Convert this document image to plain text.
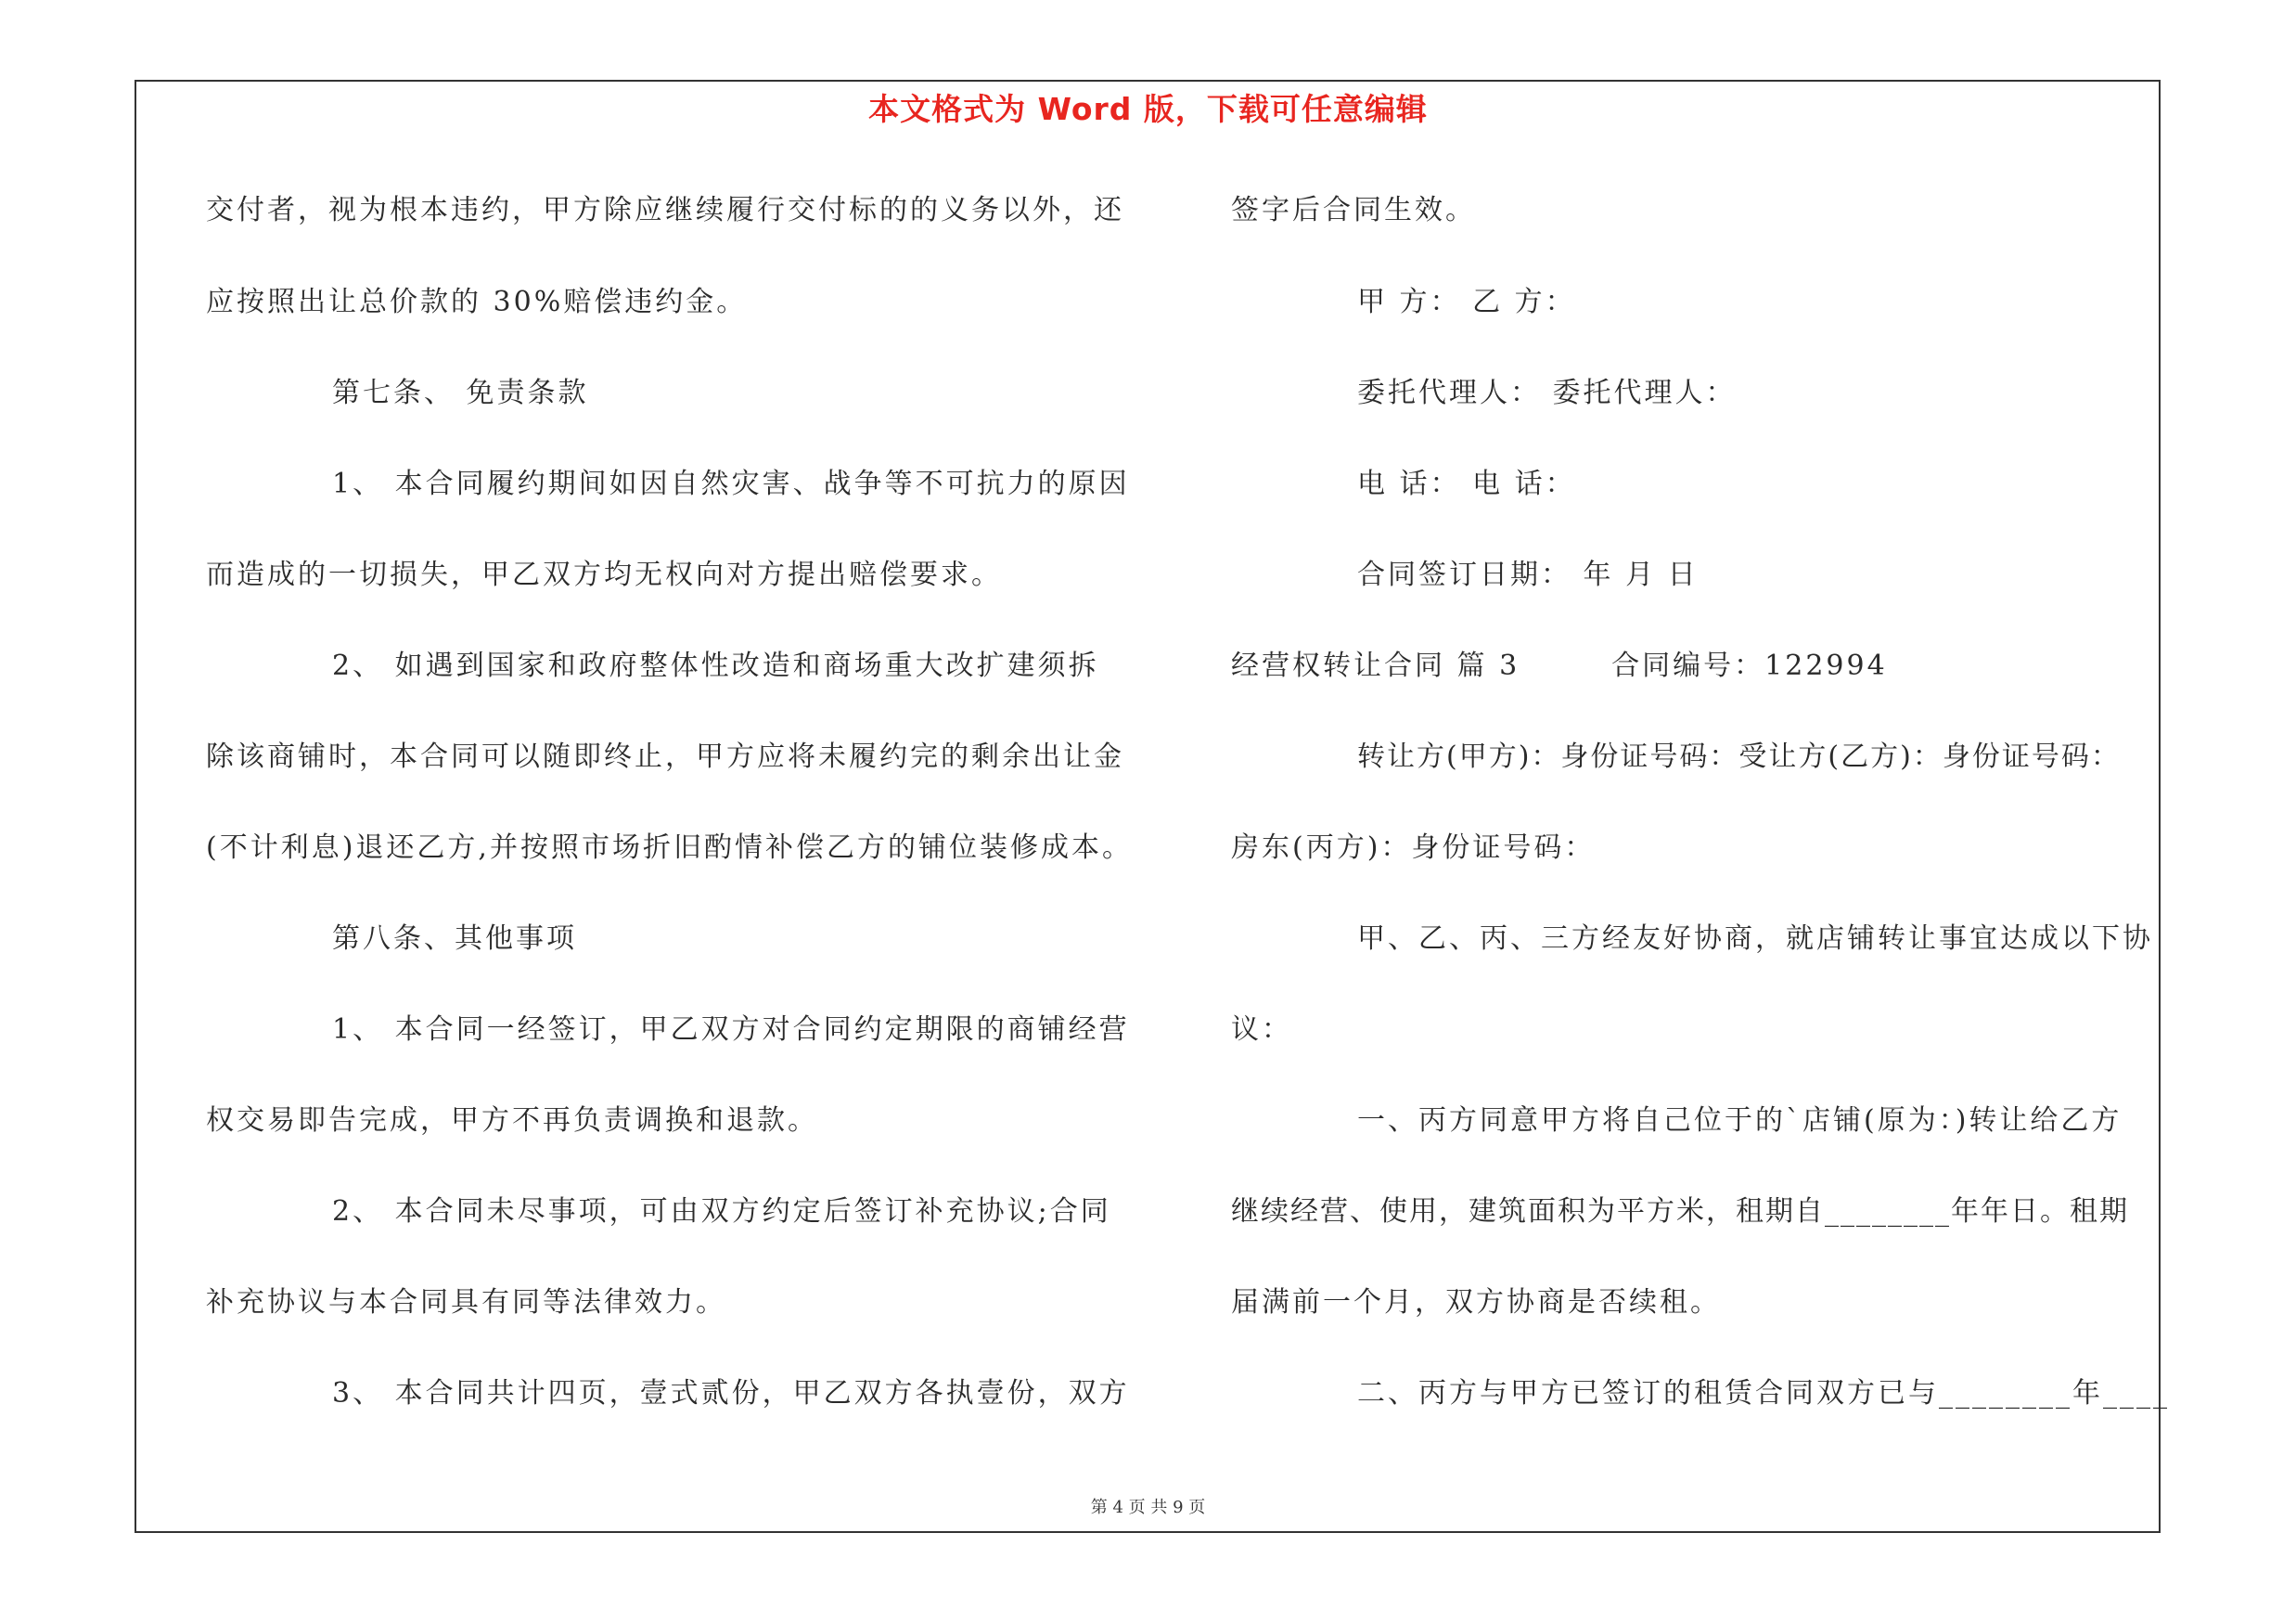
本文格式为 Word 版，下载可任意编辑
交付者，视为根本违约，甲方除应继续履行交付标的的义务以外，还
应按照出让总价款的 30%赔偿违约金。
第七条、 免责条款
1、 本合同履约期间如因自然灾害、战争等不可抗力的原因
而造成的一切损失，甲乙双方均无权向对方提出赔偿要求。
2、 如遇到国家和政府整体性改造和商场重大改扩建须拆
除该商铺时，本合同可以随即终止，甲方应将未履约完的剩余出让金
(不计利息)退还乙方,并按照市场折旧酌情补偿乙方的铺位装修成本。
第八条、其他事项
1、 本合同一经签订，甲乙双方对合同约定期限的商铺经营
权交易即告完成，甲方不再负责调换和退款。
2、 本合同未尽事项，可由双方约定后签订补充协议;合同
补充协议与本合同具有同等法律效力。
3、 本合同共计四页，壹式贰份，甲乙双方各执壹份，双方
签字后合同生效。
甲 方： 乙 方：
委托代理人： 委托代理人：
电 话： 电 话：
合同签订日期： 年 月 日
经营权转让合同 篇 3　　　合同编号：122994
转让方(甲方)：身份证号码：受让方(乙方)：身份证号码：
房东(丙方)：身份证号码：
甲、乙、丙、三方经友好协商，就店铺转让事宜达成以下协
议：
一、丙方同意甲方将自己位于的`店铺(原为：)转让给乙方
继续经营、使用，建筑面积为平方米，租期自________年年日。租期
届满前一个月，双方协商是否续租。
二、丙方与甲方已签订的租赁合同双方已与________年____
第 4 页 共 9 页
